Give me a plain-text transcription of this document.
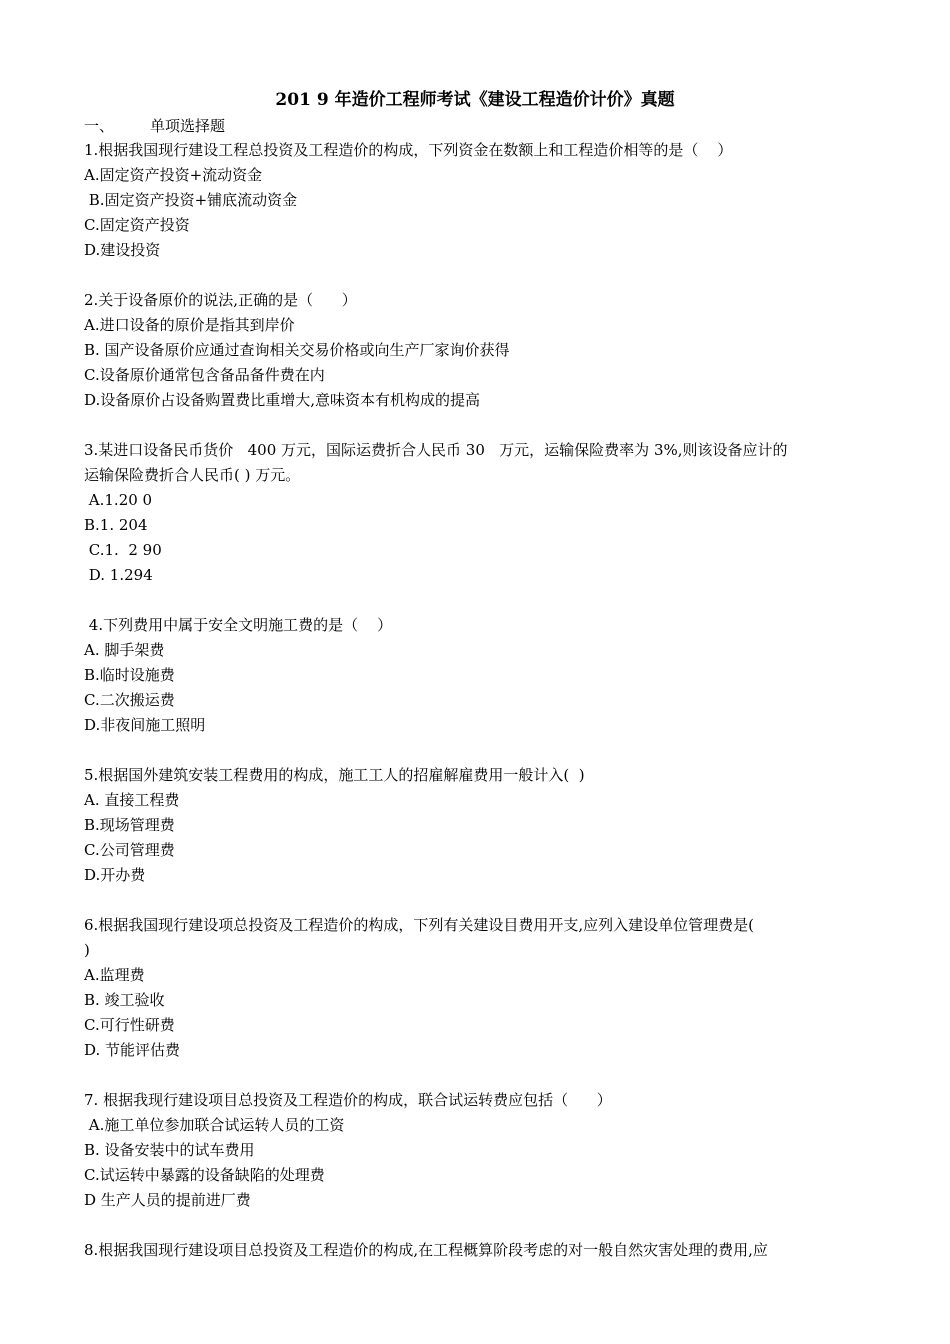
201 9 年造价工程师考试《建设工程造价计价》真题
一、 单项选择题
1.根据我国现行建设工程总投资及工程造价的构成，下列资金在数额上和工程造价相等的是（    ）
A.固定资产投资+流动资金
B.固定资产投资+铺底流动资金
C.固定资产投资
D.建设投资
2.关于设备原价的说法,正确的是（      ）
A.进口设备的原价是指其到岸价
B. 国产设备原价应通过查询相关交易价格或向生产厂家询价获得
C.设备原价通常包含备品备件费在内
D.设备原价占设备购置费比重增大,意味资本有机构成的提高
3.某进口设备民币货价   400 万元，国际运费折合人民币 30   万元，运输保险费率为 3%,则该设备应计的
运输保险费折合人民币( ) 万元。
A.1.20 0
B.1. 204
C.1.  2 90
D. 1.294
4.下列费用中属于安全文明施工费的是（    ）
A. 脚手架费
B.临时设施费
C.二次搬运费
D.非夜间施工照明
5.根据国外建筑安装工程费用的构成，施工工人的招雇解雇费用一般计入(  )
A. 直接工程费
B.现场管理费
C.公司管理费
D.开办费
6.根据我国现行建设项总投资及工程造价的构成，下列有关建设目费用开支,应列入建设单位管理费是(
)
A.监理费
B. 竣工验收
C.可行性研费
D. 节能评估费
7. 根据我现行建设项目总投资及工程造价的构成，联合试运转费应包括（      ）
A.施工单位参加联合试运转人员的工资
B. 设备安装中的试车费用
C.试运转中暴露的设备缺陷的处理费
D 生产人员的提前进厂费
8.根据我国现行建设项目总投资及工程造价的构成,在工程概算阶段考虑的对一般自然灾害处理的费用,应
